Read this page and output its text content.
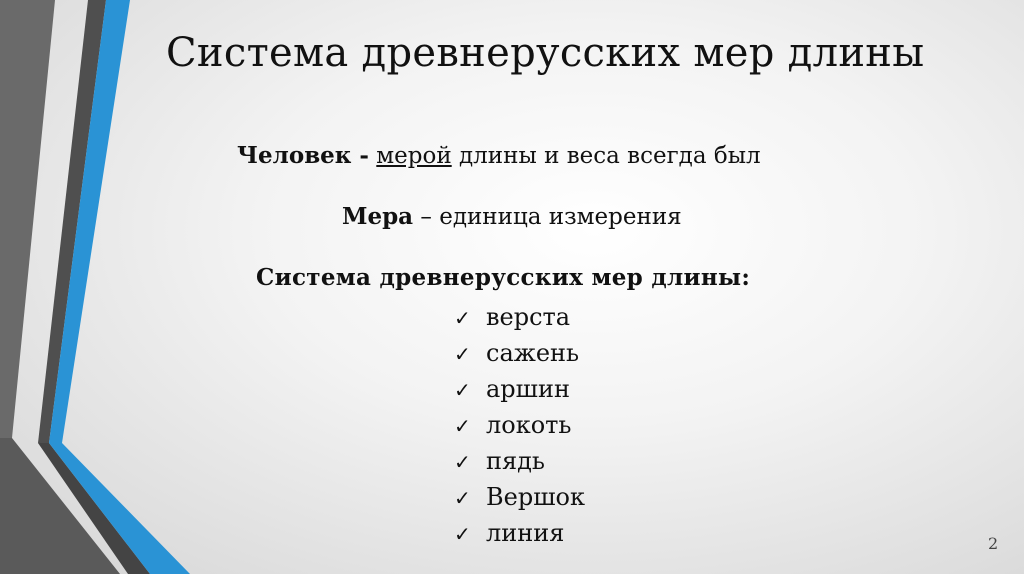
Система древнерусских мер длины
Человек - мерой длины и веса всегда был
Мера – единица измерения
Система древнерусских мер длины:
✓ верста
✓ сажень
✓ аршин
✓ локоть
✓ пядь
✓ Вершок
✓ линия	2
